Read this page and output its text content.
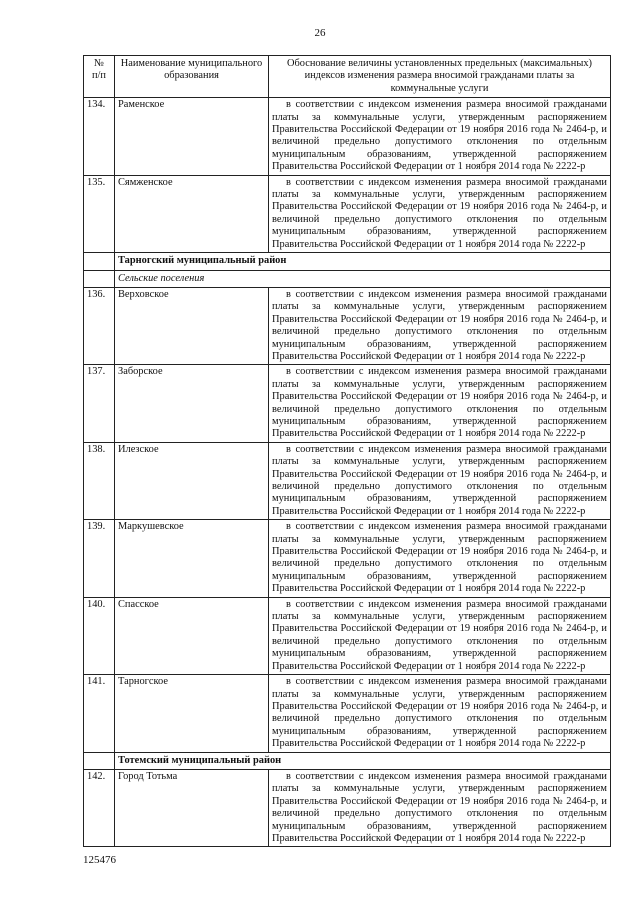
26
№
п/п	Наименование муниципального образования	Обоснование величины установленных предельных (максимальных) индексов изменения размера вносимой гражданами платы за коммунальные услуги
134.	Раменское	в соответствии с индексом изменения размера вносимой гражданами платы за коммунальные услуги, утвержденным распоряжением Правительства Российской Федерации от 19 ноября 2016 года № 2464-р, и величиной предельно допустимого отклонения по отдельным муниципальным образованиям, утвержденной распоряжением Правительства Российской Федерации от 1 ноября 2014 года № 2222-р
135.	Сямженское	в соответствии с индексом изменения размера вносимой гражданами платы за коммунальные услуги, утвержденным распоряжением Правительства Российской Федерации от 19 ноября 2016 года № 2464-р, и величиной предельно допустимого отклонения по отдельным муниципальным образованиям, утвержденной распоряжением Правительства Российской Федерации от 1 ноября 2014 года № 2222-р
	Тарногский муниципальный район	
	Сельские поселения	
136.	Верховское	в соответствии с индексом изменения размера вносимой гражданами платы за коммунальные услуги, утвержденным распоряжением Правительства Российской Федерации от 19 ноября 2016 года № 2464-р, и величиной предельно допустимого отклонения по отдельным муниципальным образованиям, утвержденной распоряжением Правительства Российской Федерации от 1 ноября 2014 года № 2222-р
137.	Заборское	в соответствии с индексом изменения размера вносимой гражданами платы за коммунальные услуги, утвержденным распоряжением Правительства Российской Федерации от 19 ноября 2016 года № 2464-р, и величиной предельно допустимого отклонения по отдельным муниципальным образованиям, утвержденной распоряжением Правительства Российской Федерации от 1 ноября 2014 года № 2222-р
138.	Илезское	в соответствии с индексом изменения размера вносимой гражданами платы за коммунальные услуги, утвержденным распоряжением Правительства Российской Федерации от 19 ноября 2016 года № 2464-р, и величиной предельно допустимого отклонения по отдельным муниципальным образованиям, утвержденной распоряжением Правительства Российской Федерации от 1 ноября 2014 года № 2222-р
139.	Маркушевское	в соответствии с индексом изменения размера вносимой гражданами платы за коммунальные услуги, утвержденным распоряжением Правительства Российской Федерации от 19 ноября 2016 года № 2464-р, и величиной предельно допустимого отклонения по отдельным муниципальным образованиям, утвержденной распоряжением Правительства Российской Федерации от 1 ноября 2014 года № 2222-р
140.	Спасское	в соответствии с индексом изменения размера вносимой гражданами платы за коммунальные услуги, утвержденным распоряжением Правительства Российской Федерации от 19 ноября 2016 года № 2464-р, и величиной предельно допустимого отклонения по отдельным муниципальным образованиям, утвержденной распоряжением Правительства Российской Федерации от 1 ноября 2014 года № 2222-р
141.	Тарногское	в соответствии с индексом изменения размера вносимой гражданами платы за коммунальные услуги, утвержденным распоряжением Правительства Российской Федерации от 19 ноября 2016 года № 2464-р, и величиной предельно допустимого отклонения по отдельным муниципальным образованиям, утвержденной распоряжением Правительства Российской Федерации от 1 ноября 2014 года № 2222-р
	Тотемский муниципальный район	
142.	Город Тотьма	в соответствии с индексом изменения размера вносимой гражданами платы за коммунальные услуги, утвержденным распоряжением Правительства Российской Федерации от 19 ноября 2016 года № 2464-р, и величиной предельно допустимого отклонения по отдельным муниципальным образованиям, утвержденной распоряжением Правительства Российской Федерации от 1 ноября 2014 года № 2222-р
125476
